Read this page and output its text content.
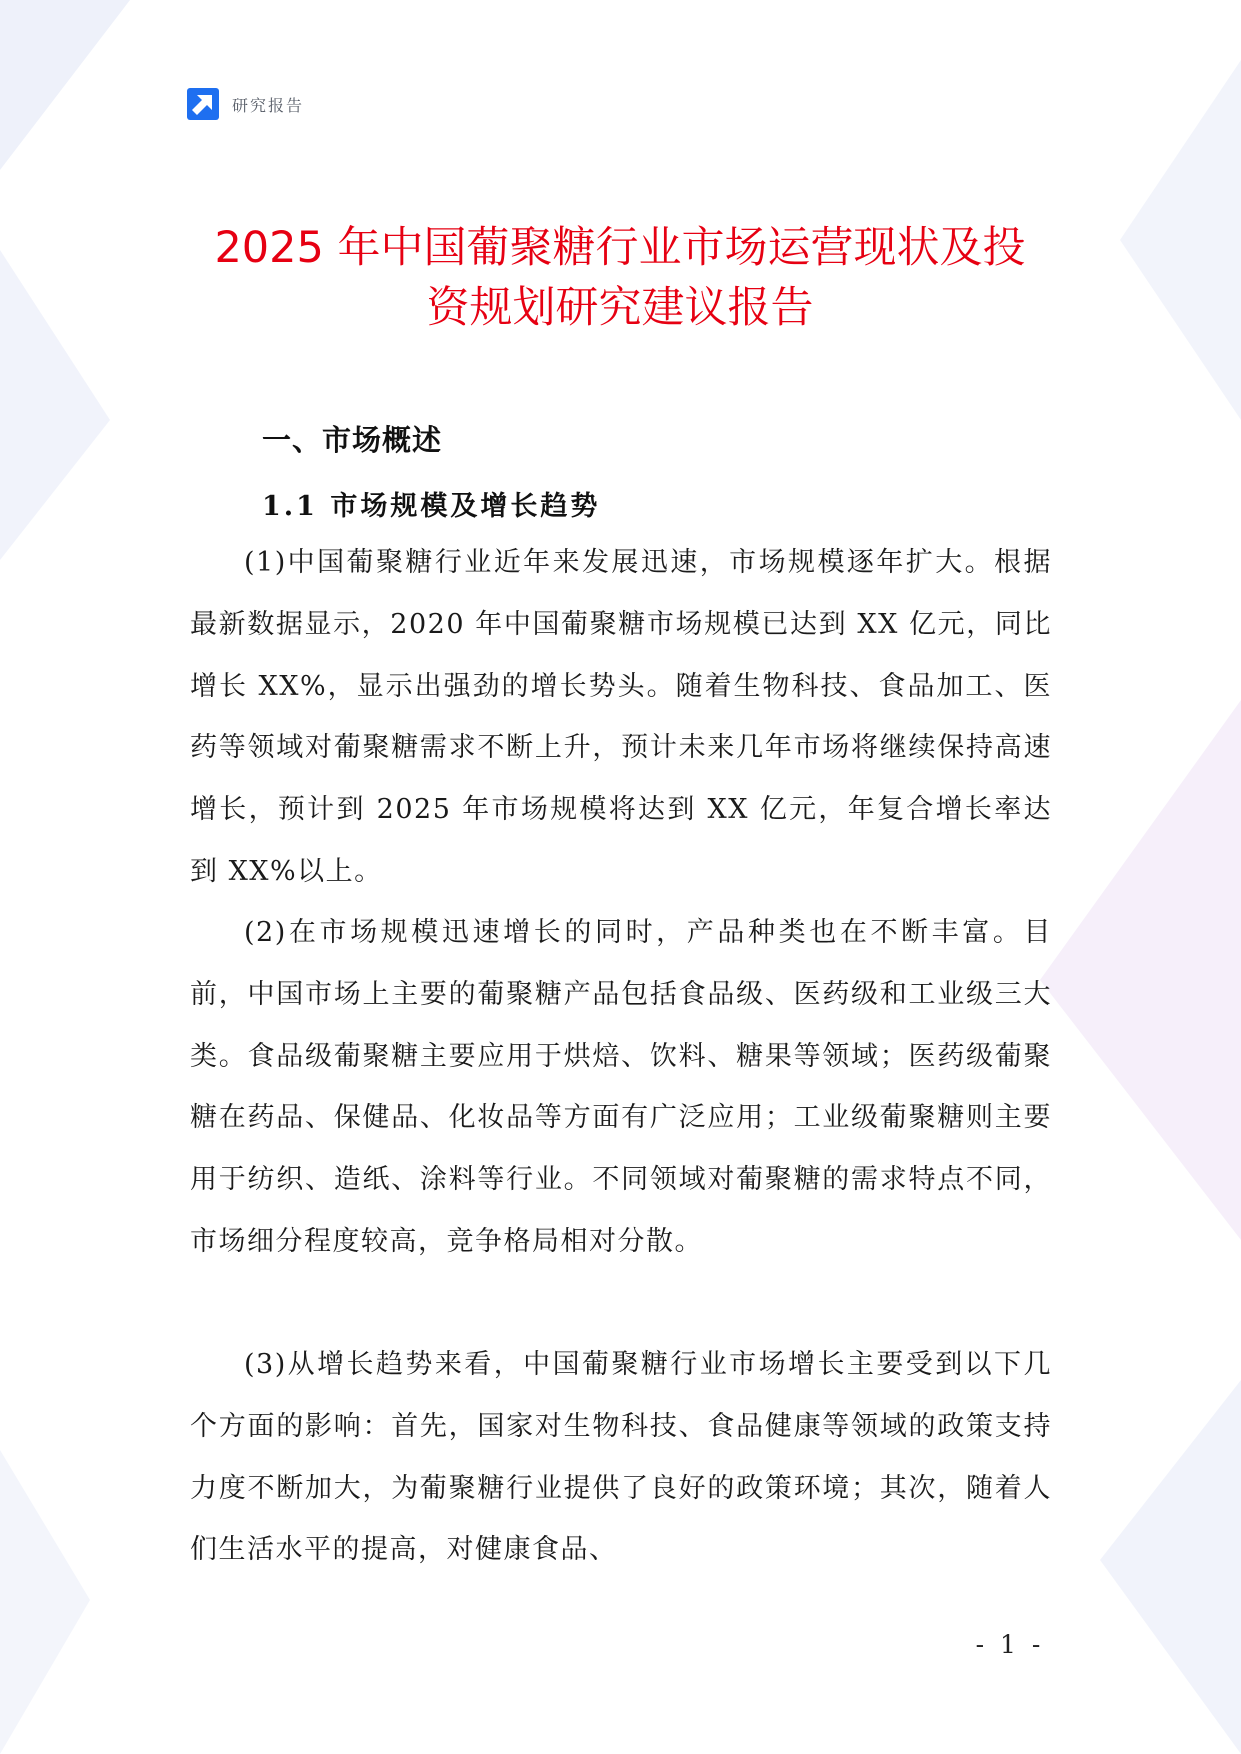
研究报告
2025 年中国葡聚糖行业市场运营现状及投
资规划研究建议报告
一、市场概述
1.1 市场规模及增长趋势

(1)中国葡聚糖行业近年来发展迅速，市场规模逐年扩大。根据最新数据显示，2020 年中国葡聚糖市场规模已达到 XX 亿元，同比增长 XX%，显示出强劲的增长势头。随着生物科技、食品加工、医药等领域对葡聚糖需求不断上升，预计未来几年市场将继续保持高速增长，预计到 2025 年市场规模将达到 XX 亿元，年复合增长率达到 XX%以上。

(2)在市场规模迅速增长的同时，产品种类也在不断丰富。目前，中国市场上主要的葡聚糖产品包括食品级、医药级和工业级三大类。食品级葡聚糖主要应用于烘焙、饮料、糖果等领域；医药级葡聚糖在药品、保健品、化妆品等方面有广泛应用；工业级葡聚糖则主要用于纺织、造纸、涂料等行业。不同领域对葡聚糖的需求特点不同，市场细分程度较高，竞争格局相对分散。

(3)从增长趋势来看，中国葡聚糖行业市场增长主要受到以下几个方面的影响：首先，国家对生物科技、食品健康等领域的政策支持力度不断加大，为葡聚糖行业提供了良好的政策环境；其次，随着人们生活水平的提高，对健康食品、

- 1 -
